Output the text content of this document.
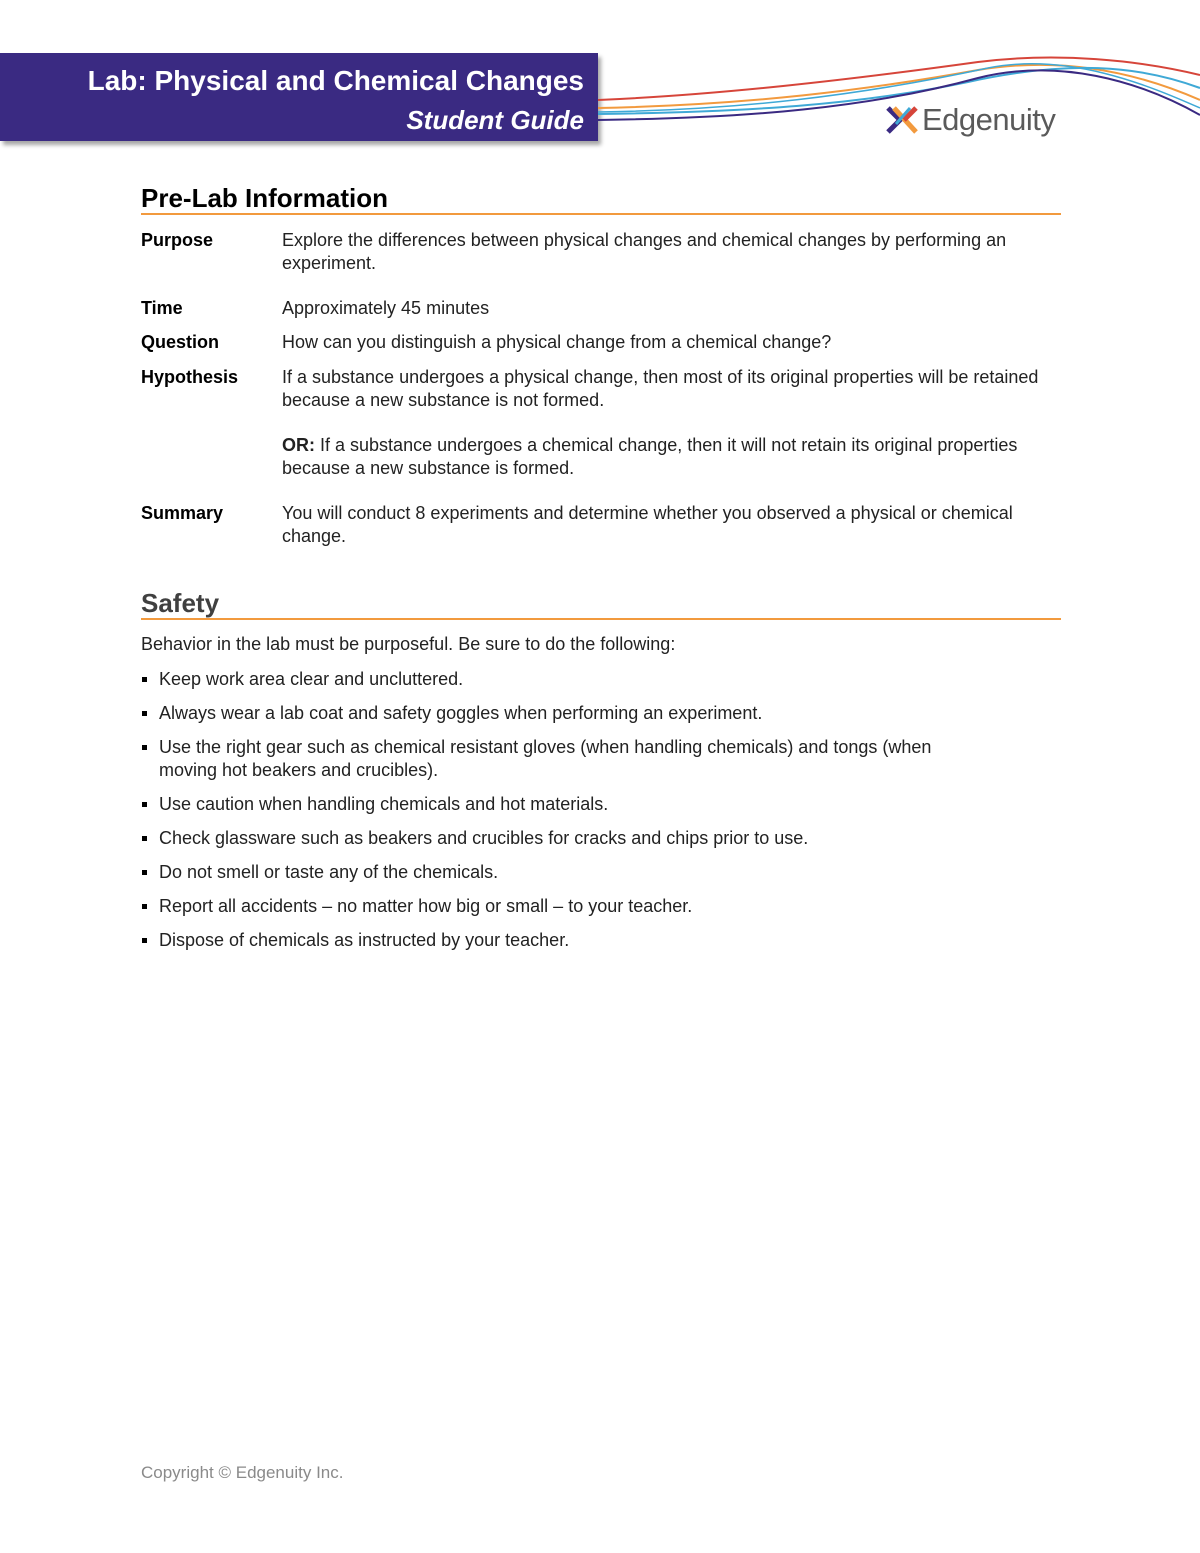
Lab: Physical and Chemical Changes
Student Guide	Edgenuity
Pre-Lab Information
Purpose	Explore the differences between physical changes and chemical changes by performing an experiment.
Time	Approximately 45 minutes
Question	How can you distinguish a physical change from a chemical change?
Hypothesis	If a substance undergoes a physical change, then most of its original properties will be retained because a new substance is not formed.
OR: If a substance undergoes a chemical change, then it will not retain its original properties because a new substance is formed.
Summary	You will conduct 8 experiments and determine whether you observed a physical or chemical change.
Safety
Behavior in the lab must be purposeful. Be sure to do the following:
Keep work area clear and uncluttered.
Always wear a lab coat and safety goggles when performing an experiment.
Use the right gear such as chemical resistant gloves (when handling chemicals) and tongs (when moving hot beakers and crucibles).
Use caution when handling chemicals and hot materials.
Check glassware such as beakers and crucibles for cracks and chips prior to use.
Do not smell or taste any of the chemicals.
Report all accidents – no matter how big or small – to your teacher.
Dispose of chemicals as instructed by your teacher.
Copyright © Edgenuity Inc.
